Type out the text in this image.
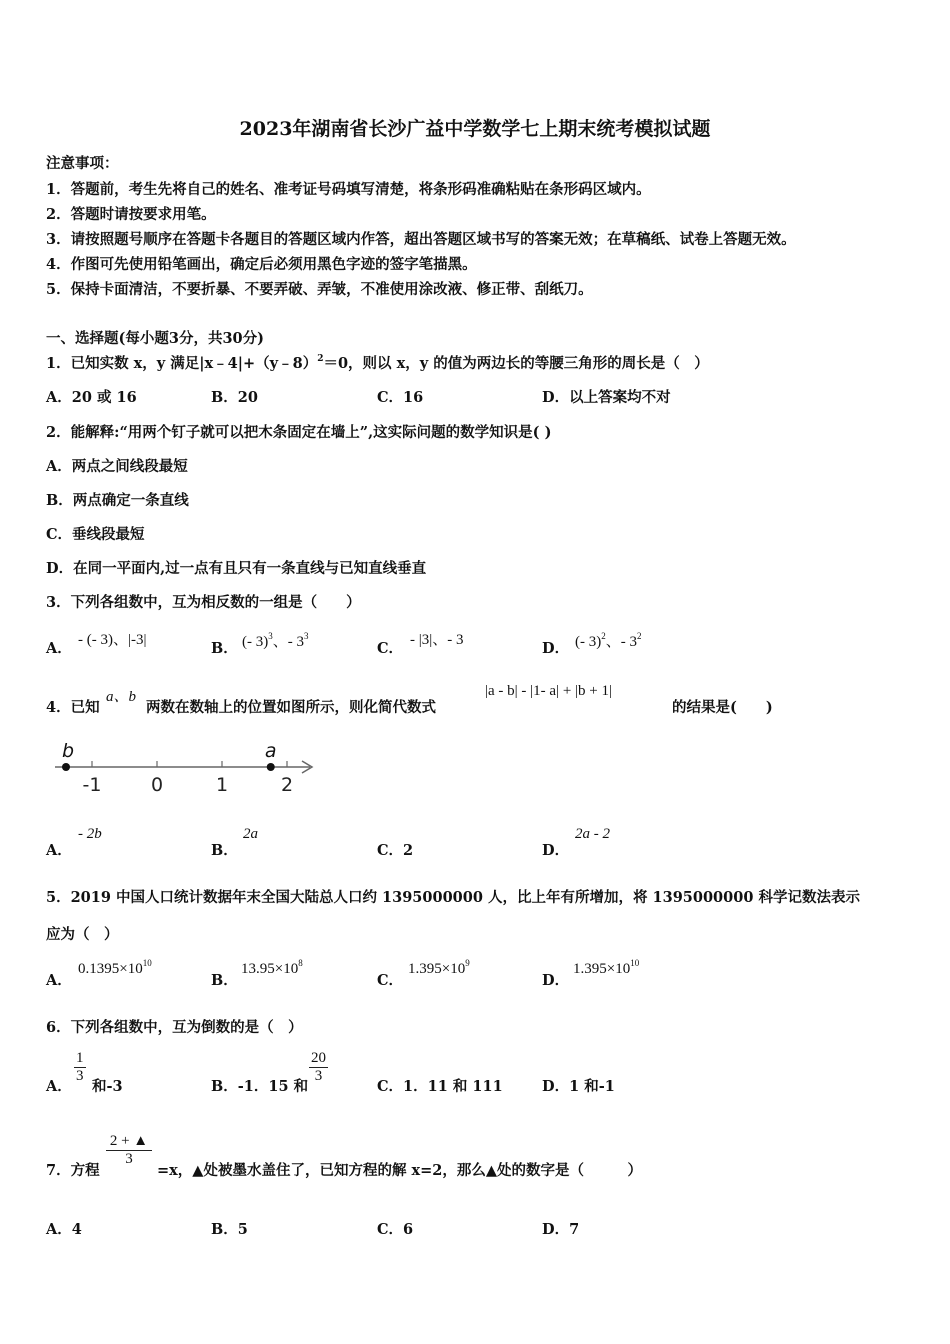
2023年湖南省长沙广益中学数学七上期末统考模拟试题
注意事项：
1．答题前，考生先将自己的姓名、准考证号码填写清楚，将条形码准确粘贴在条形码区域内。
2．答题时请按要求用笔。
3．请按照题号顺序在答题卡各题目的答题区域内作答，超出答题区域书写的答案无效；在草稿纸、试卷上答题无效。
4．作图可先使用铅笔画出，确定后必须用黑色字迹的签字笔描黑。
5．保持卡面清洁，不要折暴、不要弄破、弄皱，不准使用涂改液、修正带、刮纸刀。
一、选择题(每小题3分，共30分)
1．已知实数 x，y 满足|x﹣4|+（y﹣8）$^2$＝0，则以 x，y 的值为两边长的等腰三角形的周长是（　）
A．20 或 16	B．20	C．16	D．以上答案均不对
2．能解释:“用两个钉子就可以把木条固定在墙上”,这实际问题的数学知识是( )
A．两点之间线段最短
B．两点确定一条直线
C．垂线段最短
D．在同一平面内,过一点有且只有一条直线与已知直线垂直
3．下列各组数中，互为相反数的一组是（　　）
A． - (- 3)、|-3|	B． (- 3)$^3$、- $3^3$
C． - |3|、- 3	D． (- 3)$^2$、- $3^2$
4．已知
a、b
两数在数轴上的位置如图所示，则化简代数式
|a - b| - |1- a| + |b + 1|
的结果是(　　)
-1	0	1	2
b	a
A．
- 2b
B．
2a
C．2	D．
2a - 2
5．2019 中国人口统计数据年末全国大陆总人口约 1395000000 人，比上年有所增加，将 1395000000 科学记数法表示
应为（　）
A．
$0.1395\times 10^{10}$
B．
$13.95\times 10^8$
C．
$1.395\times 10^9$
D．
$1.395\times 10^{10}$
6．下列各组数中，互为倒数的是（　）
A．
$\frac{1}{3}$
和-3	B．-1．15 和
$\frac{20}{3}$
C．1．11 和 111	D．1 和-1
7．方程
$\frac{2 + ▲}{3}$
=x，▲处被墨水盖住了，已知方程的解 x=2，那么▲处的数字是（　　　）
A．4	B．5	C．6	D．7
